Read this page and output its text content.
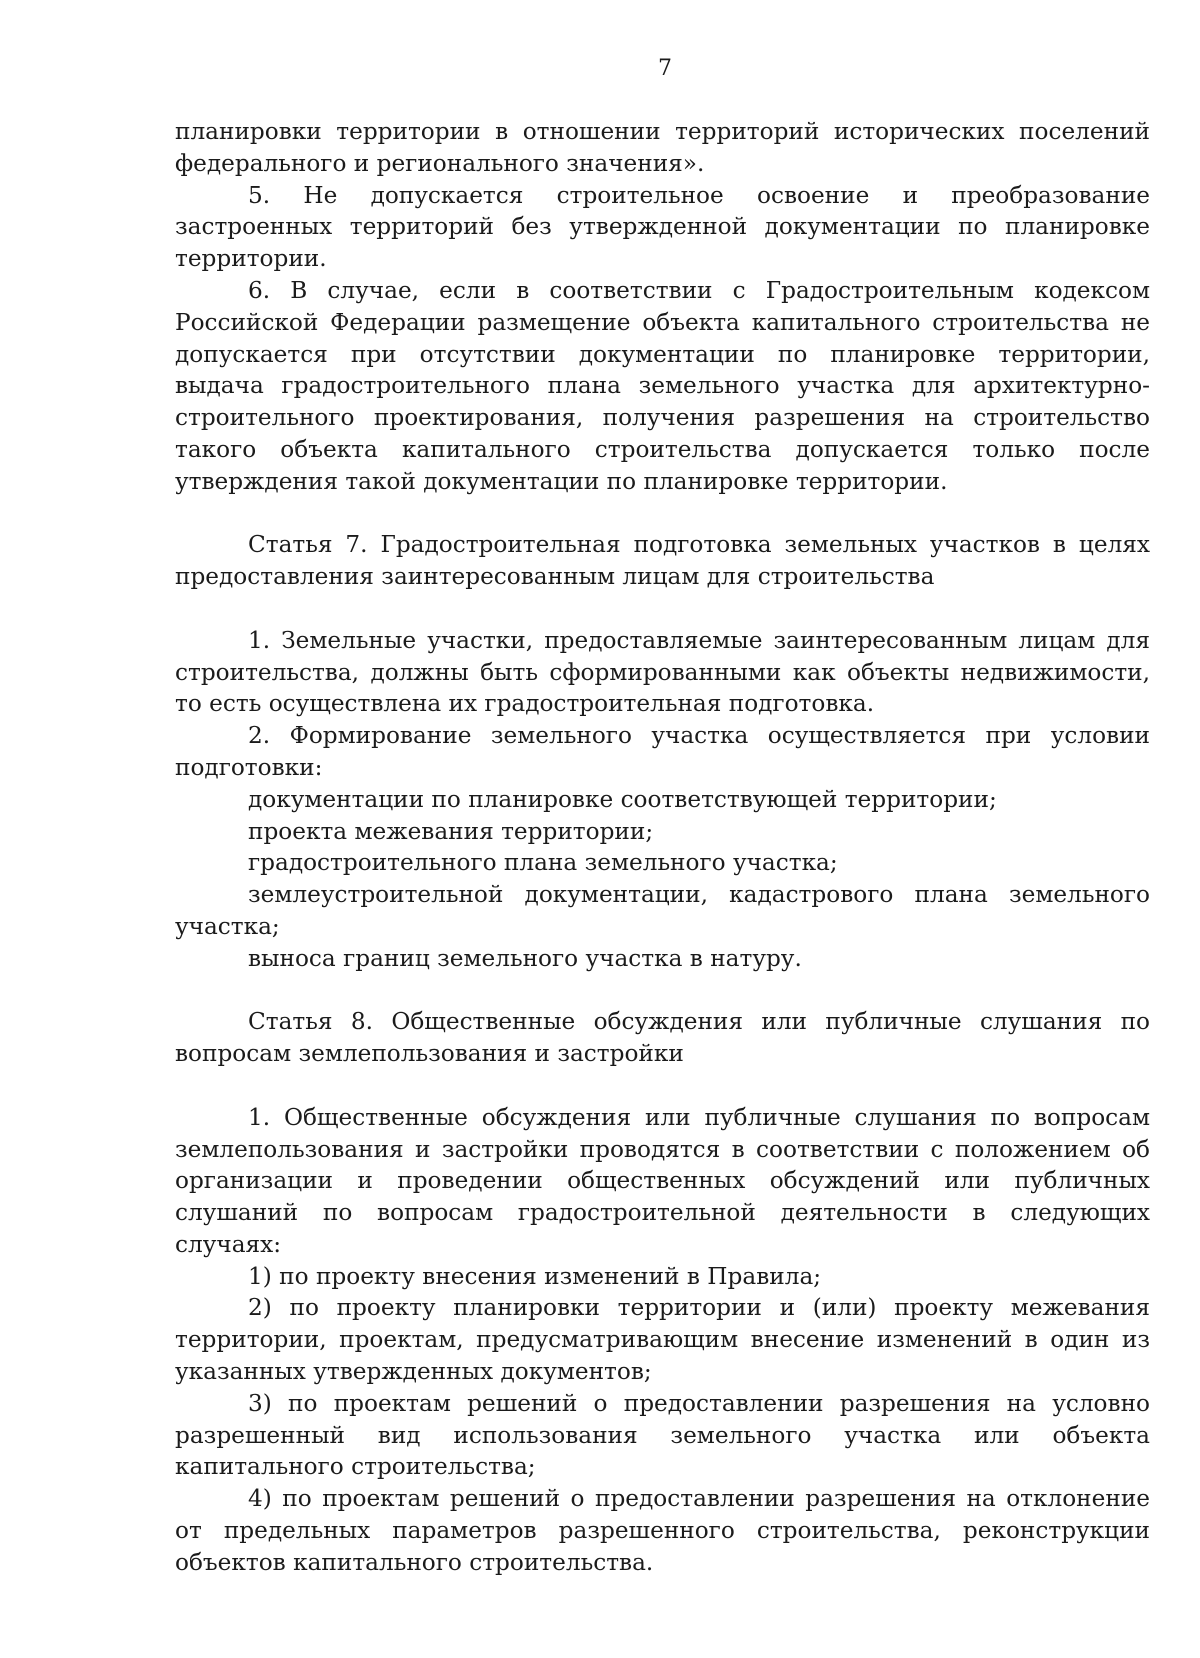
7

планировки территории в отношении территорий исторических поселений федерального и регионального значения».

5. Не допускается строительное освоение и преобразование застроенных территорий без утвержденной документации по планировке территории.

6. В случае, если в соответствии с Градостроительным кодексом Российской Федерации размещение объекта капитального строительства не допускается при отсутствии документации по планировке территории, выдача градостроительного плана земельного участка для архитектурно-строительного проектирования, получения разрешения на строительство такого объекта капитального строительства допускается только после утверждения такой документации по планировке территории.

Статья 7. Градостроительная подготовка земельных участков в целях предоставления заинтересованным лицам для строительства

1. Земельные участки, предоставляемые заинтересованным лицам для строительства, должны быть сформированными как объекты недвижимости, то есть осуществлена их градостроительная подготовка.

2. Формирование земельного участка осуществляется при условии подготовки:

документации по планировке соответствующей территории;

проекта межевания территории;

градостроительного плана земельного участка;

землеустроительной документации, кадастрового плана земельного участка;

выноса границ земельного участка в натуру.

Статья 8. Общественные обсуждения или публичные слушания по вопросам землепользования и застройки

1. Общественные обсуждения или публичные слушания по вопросам землепользования и застройки проводятся в соответствии с положением об организации и проведении общественных обсуждений или публичных слушаний по вопросам градостроительной деятельности в следующих случаях:

1) по проекту внесения изменений в Правила;

2) по проекту планировки территории и (или) проекту межевания территории, проектам, предусматривающим внесение изменений в один из указанных утвержденных документов;

3) по проектам решений о предоставлении разрешения на условно разрешенный вид использования земельного участка или объекта капитального строительства;

4) по проектам решений о предоставлении разрешения на отклонение от предельных параметров разрешенного строительства, реконструкции объектов капитального строительства.
